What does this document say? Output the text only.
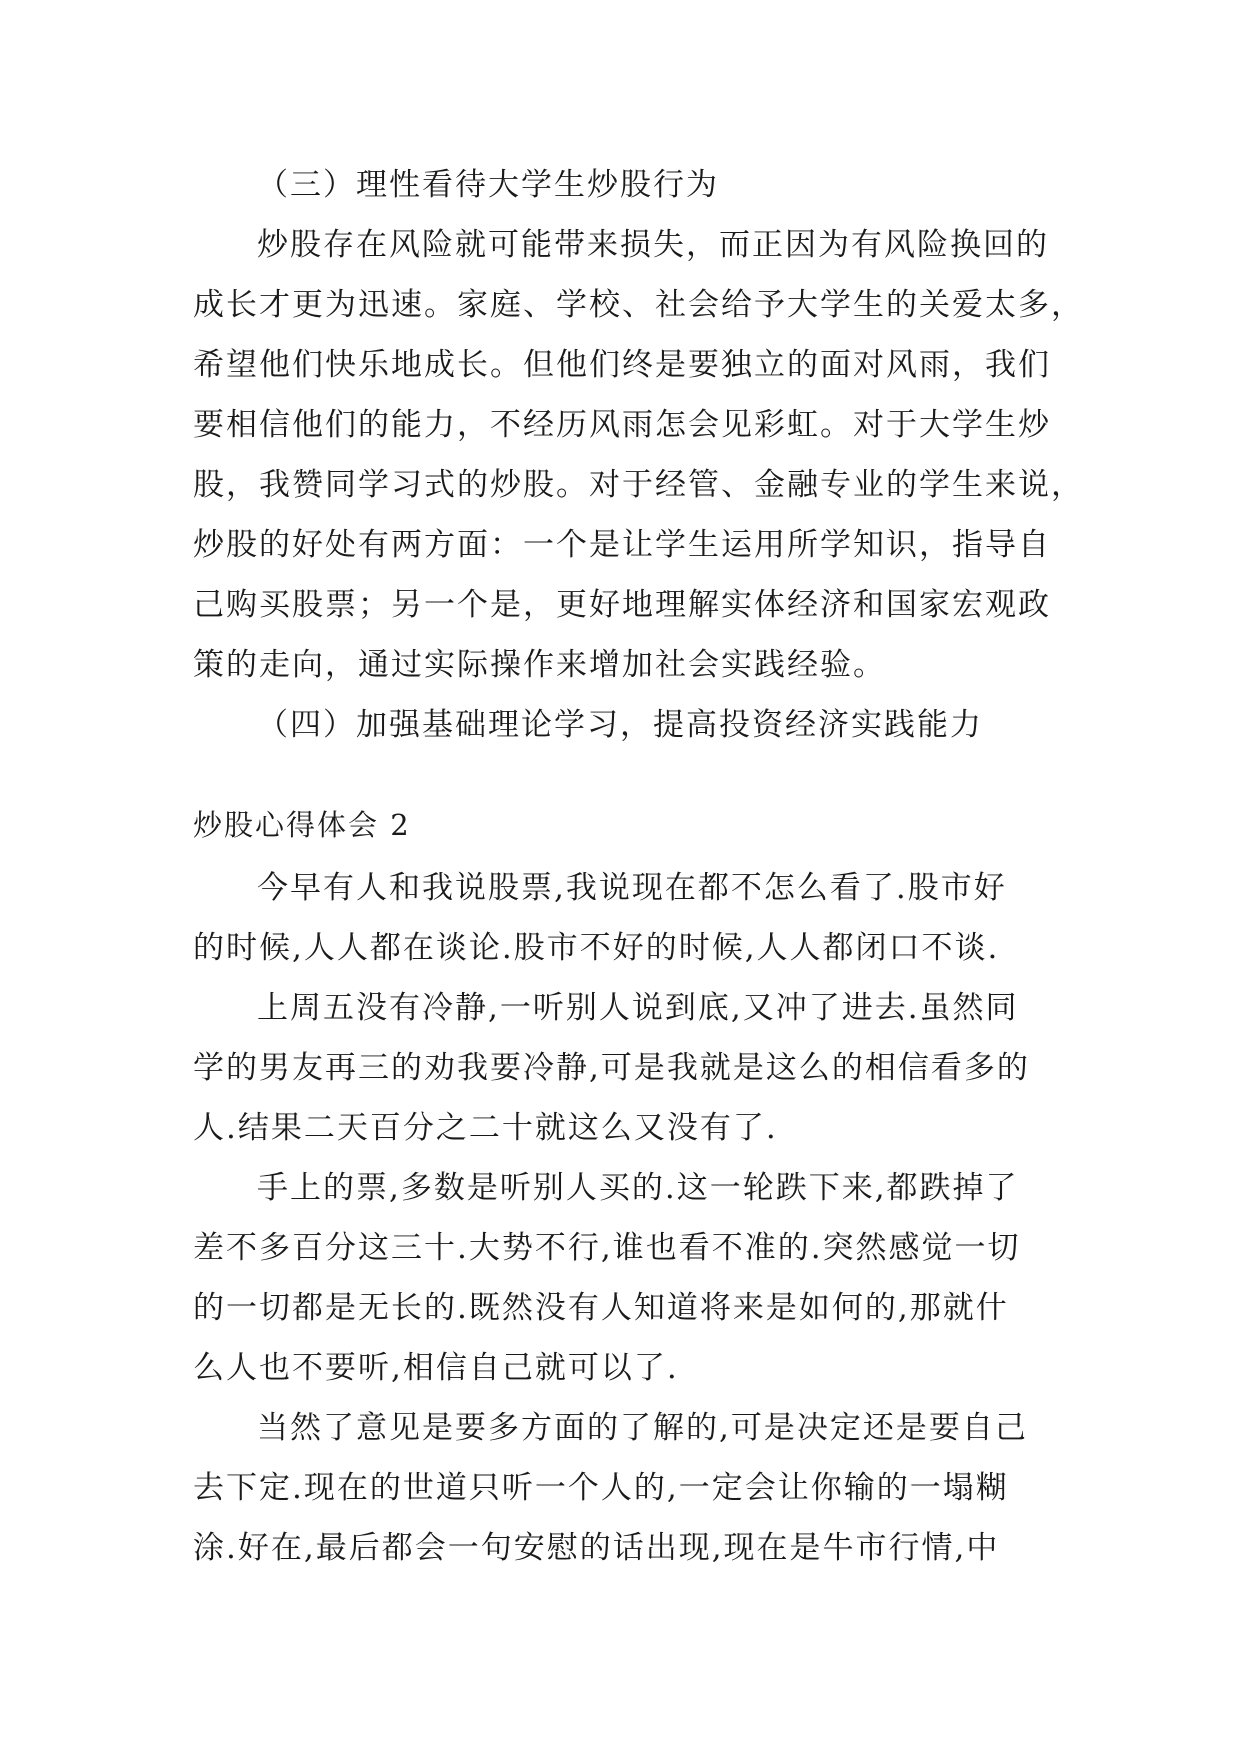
（三）理性看待大学生炒股行为
炒股存在风险就可能带来损失，而正因为有风险换回的
成长才更为迅速。家庭、学校、社会给予大学生的关爱太多，
希望他们快乐地成长。但他们终是要独立的面对风雨，我们
要相信他们的能力，不经历风雨怎会见彩虹。对于大学生炒
股，我赞同学习式的炒股。对于经管、金融专业的学生来说，
炒股的好处有两方面：一个是让学生运用所学知识，指导自
己购买股票；另一个是，更好地理解实体经济和国家宏观政
策的走向，通过实际操作来增加社会实践经验。
（四）加强基础理论学习，提高投资经济实践能力
炒股心得体会 2
今早有人和我说股票,我说现在都不怎么看了.股市好
的时候,人人都在谈论.股市不好的时候,人人都闭口不谈.
上周五没有冷静,一听别人说到底,又冲了进去.虽然同
学的男友再三的劝我要冷静,可是我就是这么的相信看多的
人.结果二天百分之二十就这么又没有了.
手上的票,多数是听别人买的.这一轮跌下来,都跌掉了
差不多百分这三十.大势不行,谁也看不准的.突然感觉一切
的一切都是无长的.既然没有人知道将来是如何的,那就什
么人也不要听,相信自己就可以了.
当然了意见是要多方面的了解的,可是决定还是要自己
去下定.现在的世道只听一个人的,一定会让你输的一塌糊
涂.好在,最后都会一句安慰的话出现,现在是牛市行情,中
